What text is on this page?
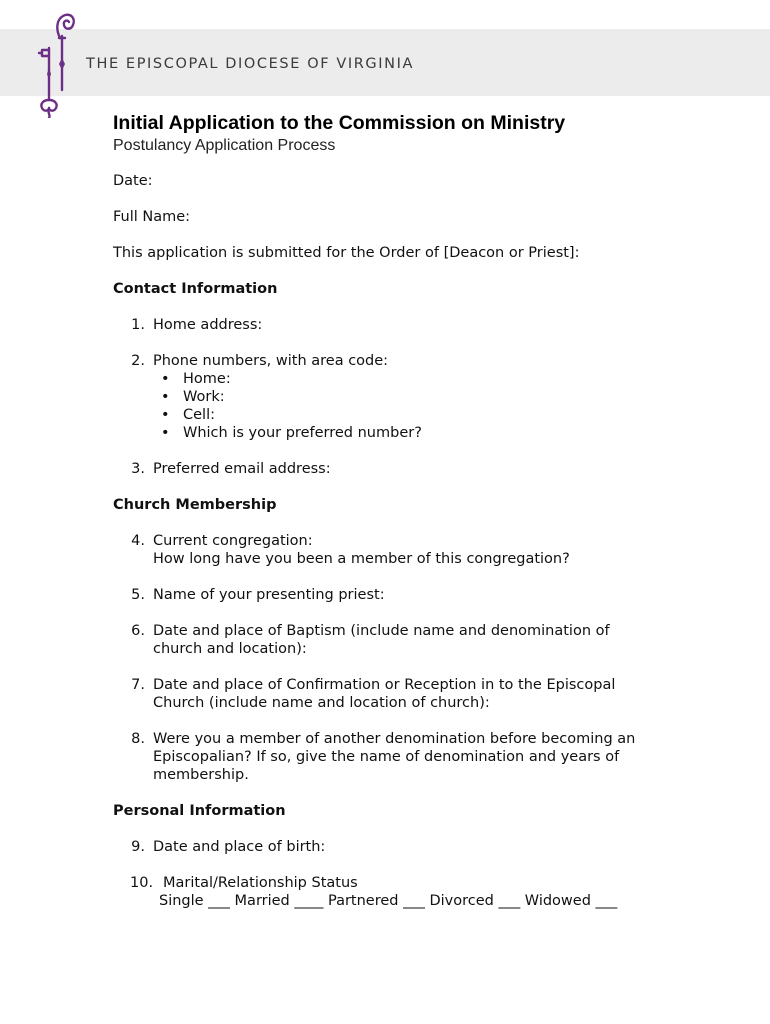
THE EPISCOPAL DIOCESE OF VIRGINIA
Initial Application to the Commission on Ministry

Postulancy Application Process

Date:

Full Name:

This application is submitted for the Order of [Deacon or Priest]:

Contact Information

1. Home address:
2. Phone numbers, with area code:
• Home:
• Work:
• Cell:
• Which is your preferred number?
3. Preferred email address:

Church Membership

4. Current congregation:
How long have you been a member of this congregation?
5. Name of your presenting priest:
6. Date and place of Baptism (include name and denomination of
church and location):
7. Date and place of Confirmation or Reception in to the Episcopal
Church (include name and location of church):
8. Were you a member of another denomination before becoming an
Episcopalian? If so, give the name of denomination and years of
membership.

Personal Information

9. Date and place of birth:
10. Marital/Relationship Status
Single ___ Married ____ Partnered ___ Divorced ___ Widowed ___
